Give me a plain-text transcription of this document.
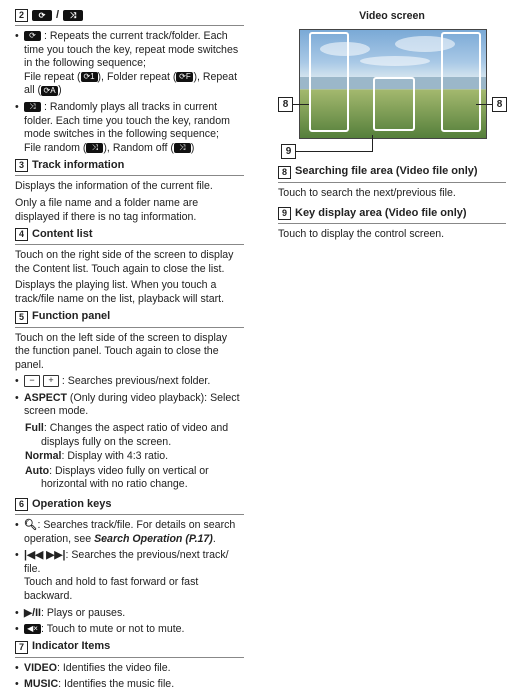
2	⟳ /	⤨
• ⟳ : Repeats the current track/folder. Each time you touch the key, repeat mode switches in the following sequence;
File repeat ( ⟳1 ), Folder repeat ( ⟳F ), Repeat
all ( ⟳A )
• ⤨ : Randomly plays all tracks in current folder. Each time you touch the key, random mode switches in the following sequence;
File random ( ⤨ ), Random off ( ⤨ )
3 Track information

Displays the information of the current file.

Only a file name and a folder name are displayed if there is no tag information.

4 Content list

Touch on the right side of the screen to display the Content list. Touch again to close the list.

Displays the playing list. When you touch a track/file name on the list, playback will start.

5 Function panel

Touch on the left side of the screen to display the function panel. Touch again to close the panel.

• − + : Searches previous/next folder.
• ASPECT (Only during video playback): Select screen mode.
Full: Changes the aspect ratio of video and displays fully on the screen.
Normal: Display with 4:3 ratio.
Auto: Displays video fully on vertical or horizontal with no ratio change.
6 Operation keys
• 🔍︎: Searches track/file. For details on search operation, see Search Operation (P.17).
• |◀◀ ▶▶|: Searches the previous/next track/ file.
Touch and hold to fast forward or fast backward.
• ▶/II: Plays or pauses.
• ◀× : Touch to mute or not to mute.
7 Indicator Items
• VIDEO: Identifies the video file.
• MUSIC: Identifies the music file.
Video screen
8	8
9
8 Searching file area (Video file only)

Touch to search the next/previous file.

9 Key display area (Video file only)

Touch to display the control screen.
